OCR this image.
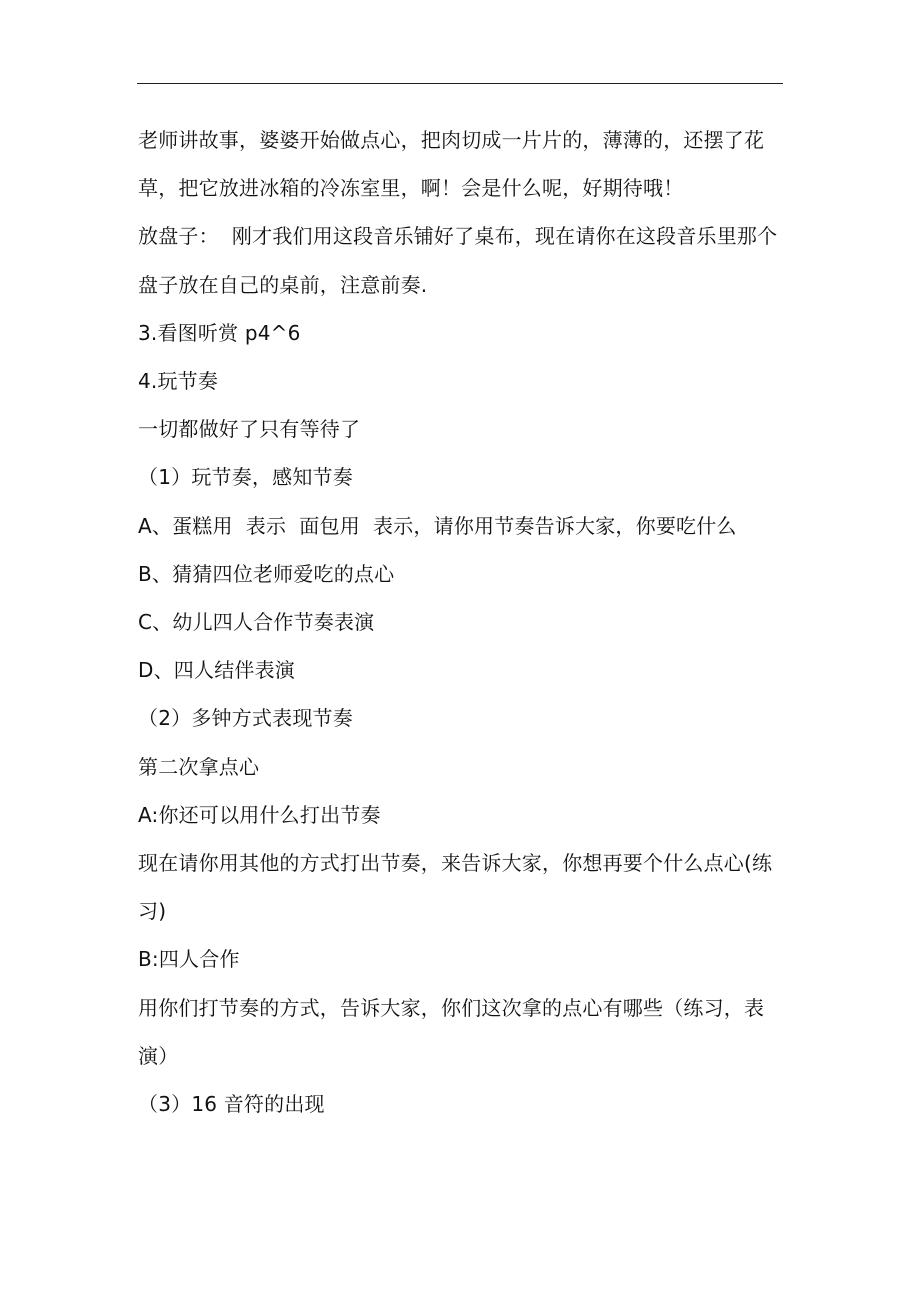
老师讲故事，婆婆开始做点心，把肉切成一片片的，薄薄的，还摆了花草，把它放进冰箱的冷冻室里，啊！会是什么呢，好期待哦！

放盘子：  刚才我们用这段音乐铺好了桌布，现在请你在这段音乐里那个盘子放在自己的桌前，注意前奏.

3.看图听赏 p4^6

4.玩节奏

一切都做好了只有等待了

（1）玩节奏，感知节奏

A、蛋糕用  表示  面包用  表示，请你用节奏告诉大家，你要吃什么

B、猜猜四位老师爱吃的点心

C、幼儿四人合作节奏表演

D、四人结伴表演

（2）多钟方式表现节奏

第二次拿点心

A:你还可以用什么打出节奏

现在请你用其他的方式打出节奏，来告诉大家，你想再要个什么点心(练习)

B:四人合作

用你们打节奏的方式，告诉大家，你们这次拿的点心有哪些（练习，表演）

（3）16 音符的出现
